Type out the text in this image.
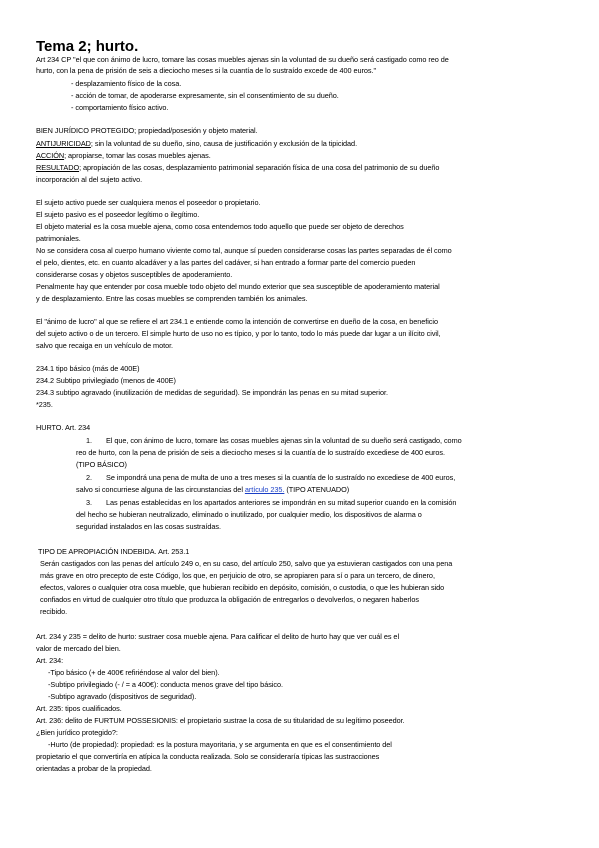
Tema 2; hurto.
Art 234 CP "el que con ánimo de lucro, tomare las cosas muebles ajenas sin la voluntad de su dueño será castigado como reo de
hurto, con la pena de prisión de seis a dieciocho meses si la cuantía de lo sustraído excede de 400 euros."
- desplazamiento físico de la cosa.
- acción de tomar, de apoderarse expresamente, sin el consentimiento de su dueño.
- comportamiento físico activo.
BIEN JURÍDICO PROTEGIDO; propiedad/posesión y objeto material.
ANTIJURICIDAD; sin la voluntad de su dueño, sino, causa de justificación y exclusión de la tipicidad.
ACCIÓN; apropiarse, tomar las cosas muebles ajenas.
RESULTADO; apropiación de las cosas, desplazamiento patrimonial separación física de una cosa del patrimonio de su dueño
incorporación al del sujeto activo.
El sujeto activo puede ser cualquiera menos el poseedor o propietario.
El sujeto pasivo es el poseedor legítimo o ilegítimo.
El objeto material es la cosa mueble ajena, como cosa entendemos todo aquello que puede ser objeto de derechos
patrimoniales.
No se considera cosa al cuerpo humano viviente como tal, aunque sí pueden considerarse cosas las partes separadas de él como
el pelo, dientes, etc. en cuanto alcadáver y a las partes del cadáver, si han entrado a formar parte del comercio pueden
considerarse cosas y objetos susceptibles de apoderamiento.
Penalmente hay que entender por cosa mueble todo objeto del mundo exterior que sea susceptible de apoderamiento material
y de desplazamiento. Entre las cosas muebles se comprenden también los animales.
El "ánimo de lucro" al que se refiere el art 234.1 e entiende como la intención de convertirse en dueño de la cosa, en beneficio
del sujeto activo o de un tercero. El simple hurto de uso no es típico, y por lo tanto, todo lo más puede dar lugar a un ilícito civil,
salvo que recaiga en un vehículo de motor.
234.1 tipo básico (más de 400E)
234.2 Subtipo privilegiado (menos de 400E)
234.3 subtipo agravado (inutilización de medidas de seguridad). Se impondrán las penas en su mitad superior.
*235.
HURTO. Art. 234
1. El que, con ánimo de lucro, tomare las cosas muebles ajenas sin la voluntad de su dueño será castigado, como
reo de hurto, con la pena de prisión de seis a dieciocho meses si la cuantía de lo sustraído excediese de 400 euros.
(TIPO BÁSICO)
2. Se impondrá una pena de multa de uno a tres meses si la cuantía de lo sustraído no excediese de 400 euros,
salvo si concurriese alguna de las circunstancias del artículo 235. (TIPO ATENUADO)
3. Las penas establecidas en los apartados anteriores se impondrán en su mitad superior cuando en la comisión
del hecho se hubieran neutralizado, eliminado o inutilizado, por cualquier medio, los dispositivos de alarma o
seguridad instalados en las cosas sustraídas.
TIPO DE APROPIACIÓN INDEBIDA. Art. 253.1
Serán castigados con las penas del artículo 249 o, en su caso, del artículo 250, salvo que ya estuvieran castigados con una pena
más grave en otro precepto de este Código, los que, en perjuicio de otro, se apropiaren para sí o para un tercero, de dinero,
efectos, valores o cualquier otra cosa mueble, que hubieran recibido en depósito, comisión, o custodia, o que les hubieran sido
confiados en virtud de cualquier otro título que produzca la obligación de entregarlos o devolverlos, o negaren haberlos
recibido.
Art. 234 y 235 = delito de hurto: sustraer cosa mueble ajena. Para calificar el delito de hurto hay que ver cuál es el
valor de mercado del bien.
Art. 234:
-Tipo básico (+ de 400€ refiriéndose al valor del bien).
-Subtipo privilegiado (- / = a 400€): conducta menos grave del tipo básico.
-Subtipo agravado (dispositivos de seguridad).
Art. 235: tipos cualificados.
Art. 236: delito de FURTUM POSSESIONIS: el propietario sustrae la cosa de su titularidad de su legítimo poseedor.
¿Bien jurídico protegido?:
-Hurto (de propiedad): propiedad: es la postura mayoritaria, y se argumenta en que es el consentimiento del
propietario el que convertiría en atípica la conducta realizada. Solo se consideraría típicas las sustracciones
orientadas a probar de la propiedad.
